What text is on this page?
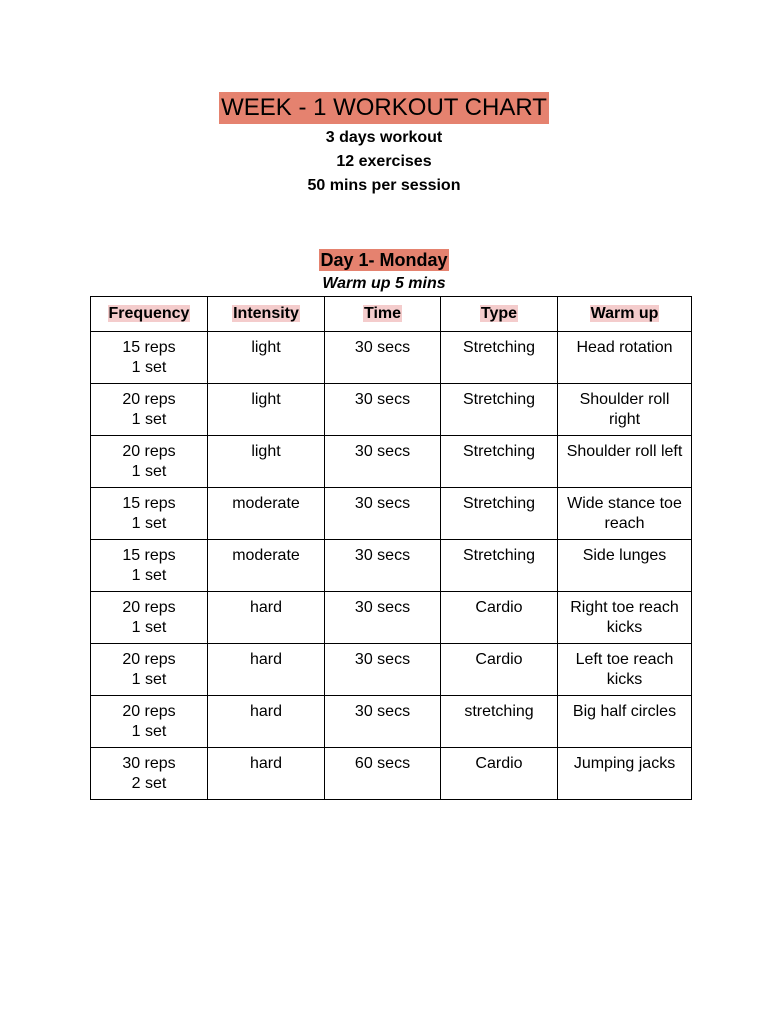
WEEK - 1 WORKOUT CHART
3 days workout
12 exercises
50 mins per session
Day 1- Monday
Warm up 5 mins
Frequency	Intensity	Time	Type	Warm up

15 reps
1 set	light	30 secs	Stretching	Head rotation

20 reps
1 set	light	30 secs	Stretching	Shoulder roll
right

20 reps
1 set	light	30 secs	Stretching	Shoulder roll left

15 reps
1 set	moderate	30 secs	Stretching	Wide stance toe
reach

15 reps
1 set	moderate	30 secs	Stretching	Side lunges

20 reps
1 set	hard	30 secs	Cardio	Right toe reach
kicks

20 reps
1 set	hard	30 secs	Cardio	Left toe reach
kicks

20 reps
1 set	hard	30 secs	stretching	Big half circles

30 reps
2 set	hard	60 secs	Cardio	Jumping jacks
